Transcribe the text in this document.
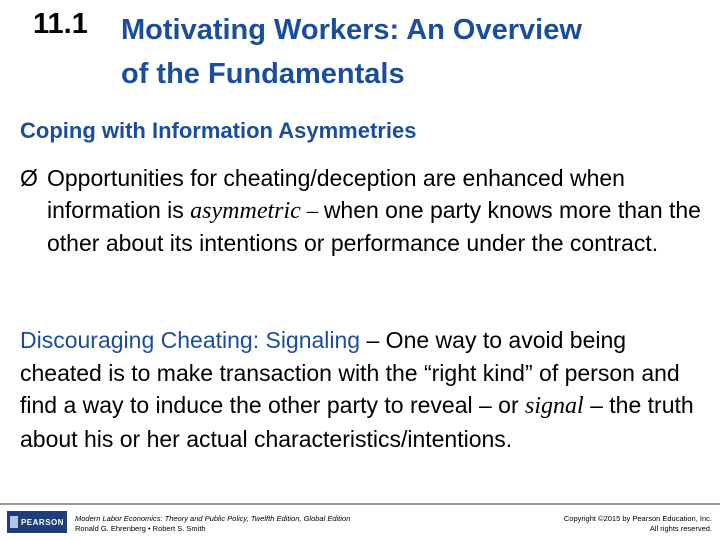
11.1 Motivating Workers: An Overview
of the Fundamentals
Coping with Information Asymmetries
Ø Opportunities for cheating/deception are enhanced when information is asymmetric – when one party knows more than the other about its intentions or performance under the contract.
Discouraging Cheating: Signaling – One way to avoid being cheated is to make transaction with the “right kind” of person and find a way to induce the other party to reveal – or signal – the truth about his or her actual characteristics/intentions.
PEARSON Modern Labor Economics: Theory and Public Policy, Twelfth Edition, Global Edition
Ronald G. Ehrenberg • Robert S. Smith
Copyright ©2015 by Pearson Education, Inc.
All rights reserved.
